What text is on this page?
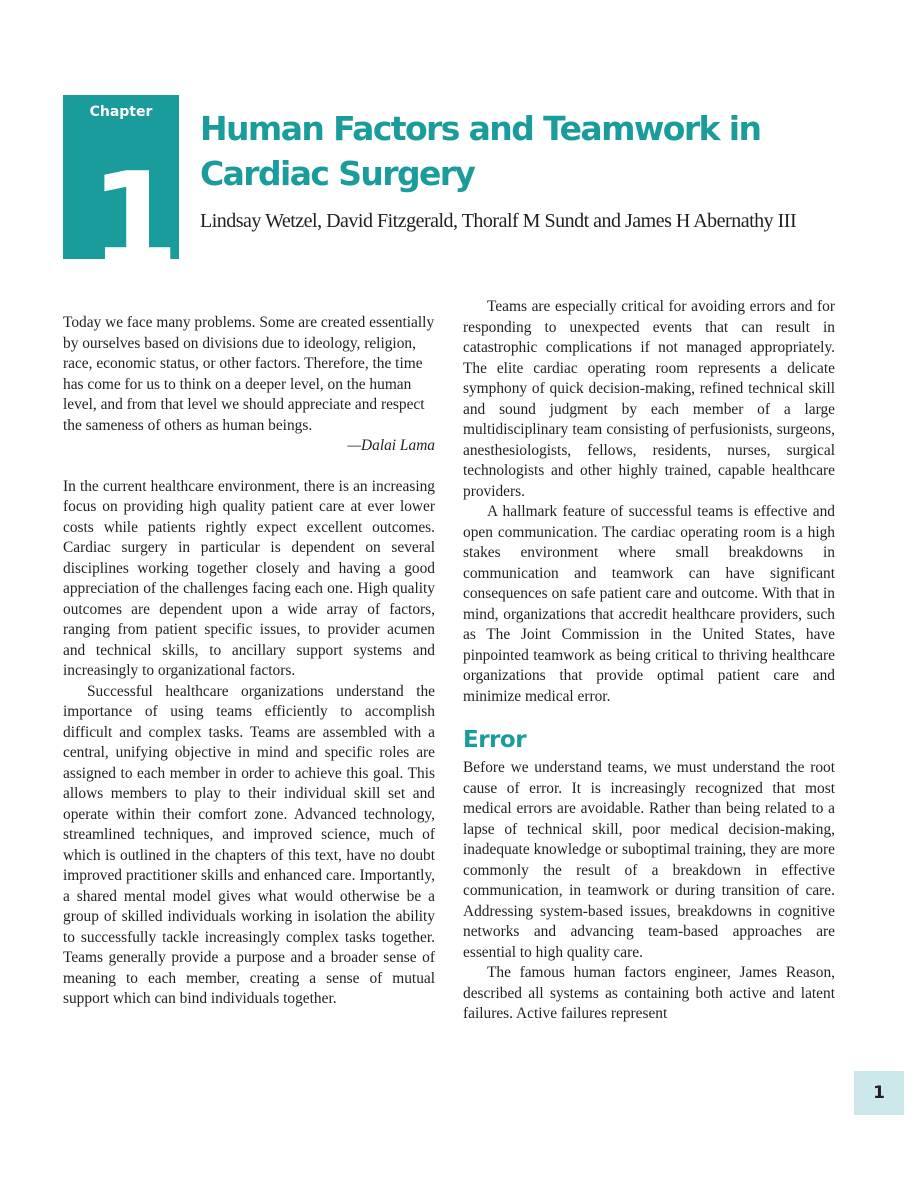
Chapter
1
Human Factors and Teamwork in Cardiac Surgery
Lindsay Wetzel, David Fitzgerald, Thoralf M Sundt and James H Abernathy III

Today we face many problems. Some are created essentially by ourselves based on divisions due to ideology, religion, race, economic status, or other factors. Therefore, the time has come for us to think on a deeper level, on the human level, and from that level we should appreciate and respect the sameness of others as human beings.

—Dalai Lama

In the current healthcare environment, there is an increasing focus on providing high quality patient care at ever lower costs while patients rightly expect excellent outcomes. Cardiac surgery in particular is dependent on several disciplines working together closely and having a good appreciation of the challenges facing each one. High quality outcomes are dependent upon a wide array of factors, ranging from patient specific issues, to provider acumen and technical skills, to ancillary support systems and increasingly to organizational factors.

Successful healthcare organizations understand the importance of using teams efficiently to accomplish difficult and complex tasks. Teams are assembled with a central, unifying objective in mind and specific roles are assigned to each member in order to achieve this goal. This allows members to play to their individual skill set and operate within their comfort zone. Advanced technology, streamlined techniques, and improved science, much of which is outlined in the chapters of this text, have no doubt improved practitioner skills and enhanced care. Importantly, a shared mental model gives what would otherwise be a group of skilled individuals working in isolation the ability to successfully tackle increasingly complex tasks together. Teams generally provide a purpose and a broader sense of meaning to each member, creating a sense of mutual support which can bind individuals together.

Teams are especially critical for avoiding errors and for responding to unexpected events that can result in catastrophic complications if not managed appropriately. The elite cardiac operating room represents a delicate symphony of quick decision-making, refined technical skill and sound judgment by each member of a large multidisciplinary team consisting of perfusionists, surgeons, anesthesiologists, fellows, residents, nurses, surgical technologists and other highly trained, capable healthcare providers.

A hallmark feature of successful teams is effective and open communication. The cardiac operating room is a high stakes environment where small breakdowns in communication and teamwork can have significant consequences on safe patient care and outcome. With that in mind, organizations that accredit healthcare providers, such as The Joint Commission in the United States, have pinpointed teamwork as being critical to thriving healthcare organizations that provide optimal patient care and minimize medical error.

Error

Before we understand teams, we must understand the root cause of error. It is increasingly recognized that most medical errors are avoidable. Rather than being related to a lapse of technical skill, poor medical decision-making, inadequate knowledge or suboptimal training, they are more commonly the result of a breakdown in effective communication, in teamwork or during transition of care. Addressing system-based issues, breakdowns in cognitive networks and advancing team-based approaches are essential to high quality care.

The famous human factors engineer, James Reason, described all systems as containing both active and latent failures. Active failures represent

1
